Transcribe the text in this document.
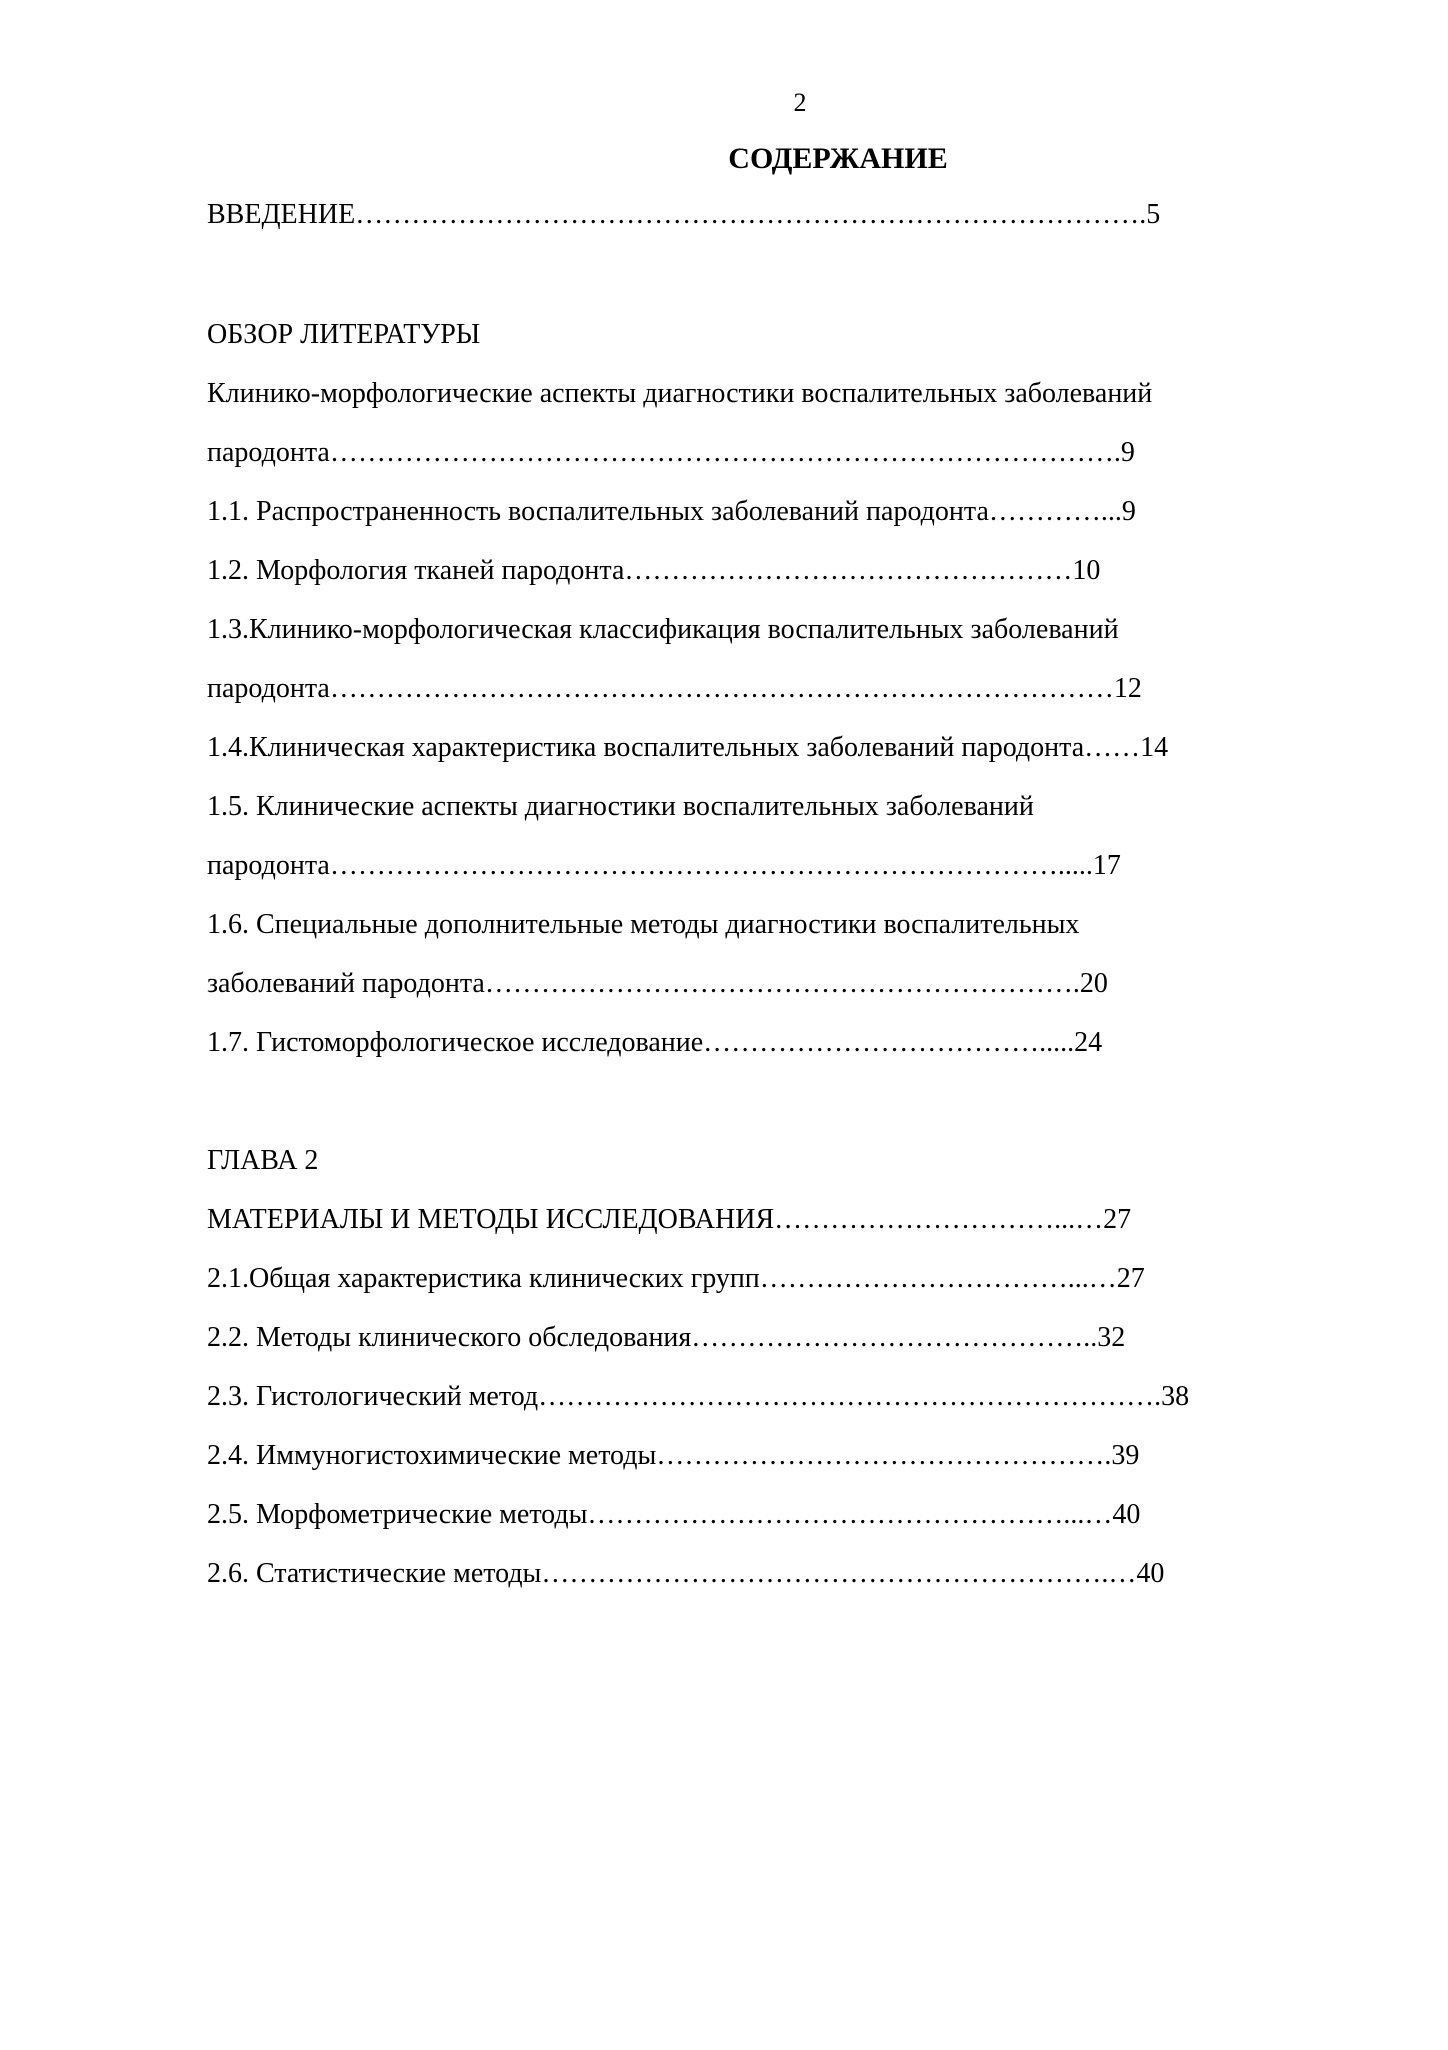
2
СОДЕРЖАНИЕ
ВВЕДЕНИЕ………………………………………………………………………….5
ОБЗОР ЛИТЕРАТУРЫ
Клинико-морфологические аспекты диагностики воспалительных заболеваний
пародонта………………………………………………………………………….9
1.1. Распространенность воспалительных заболеваний пародонта…………...9
1.2. Морфология тканей пародонта…………………………………………10
1.3.Клинико-морфологическая классификация воспалительных заболеваний
пародонта…………………………………………………………………………12
1.4.Клиническая характеристика воспалительных заболеваний пародонта……14
1.5. Клинические аспекты диагностики воспалительных заболеваний
пародонта…………………………………………………………………….....17
1.6. Специальные дополнительные методы диагностики воспалительных
заболеваний пародонта……………………………………………………….20
1.7. Гистоморфологическое исследование……………………………….....24
ГЛАВА 2
МАТЕРИАЛЫ И МЕТОДЫ ИССЛЕДОВАНИЯ…………………………...…27
2.1.Общая характеристика клинических групп……………………………...…27
2.2. Методы клинического обследования……………………………………..32
2.3. Гистологический метод………………………………………………………….38
2.4. Иммуногистохимические методы………………………………………….39
2.5. Морфометрические методы……………………………………………...…40
2.6. Статистические методы…………………………………………………….…40
